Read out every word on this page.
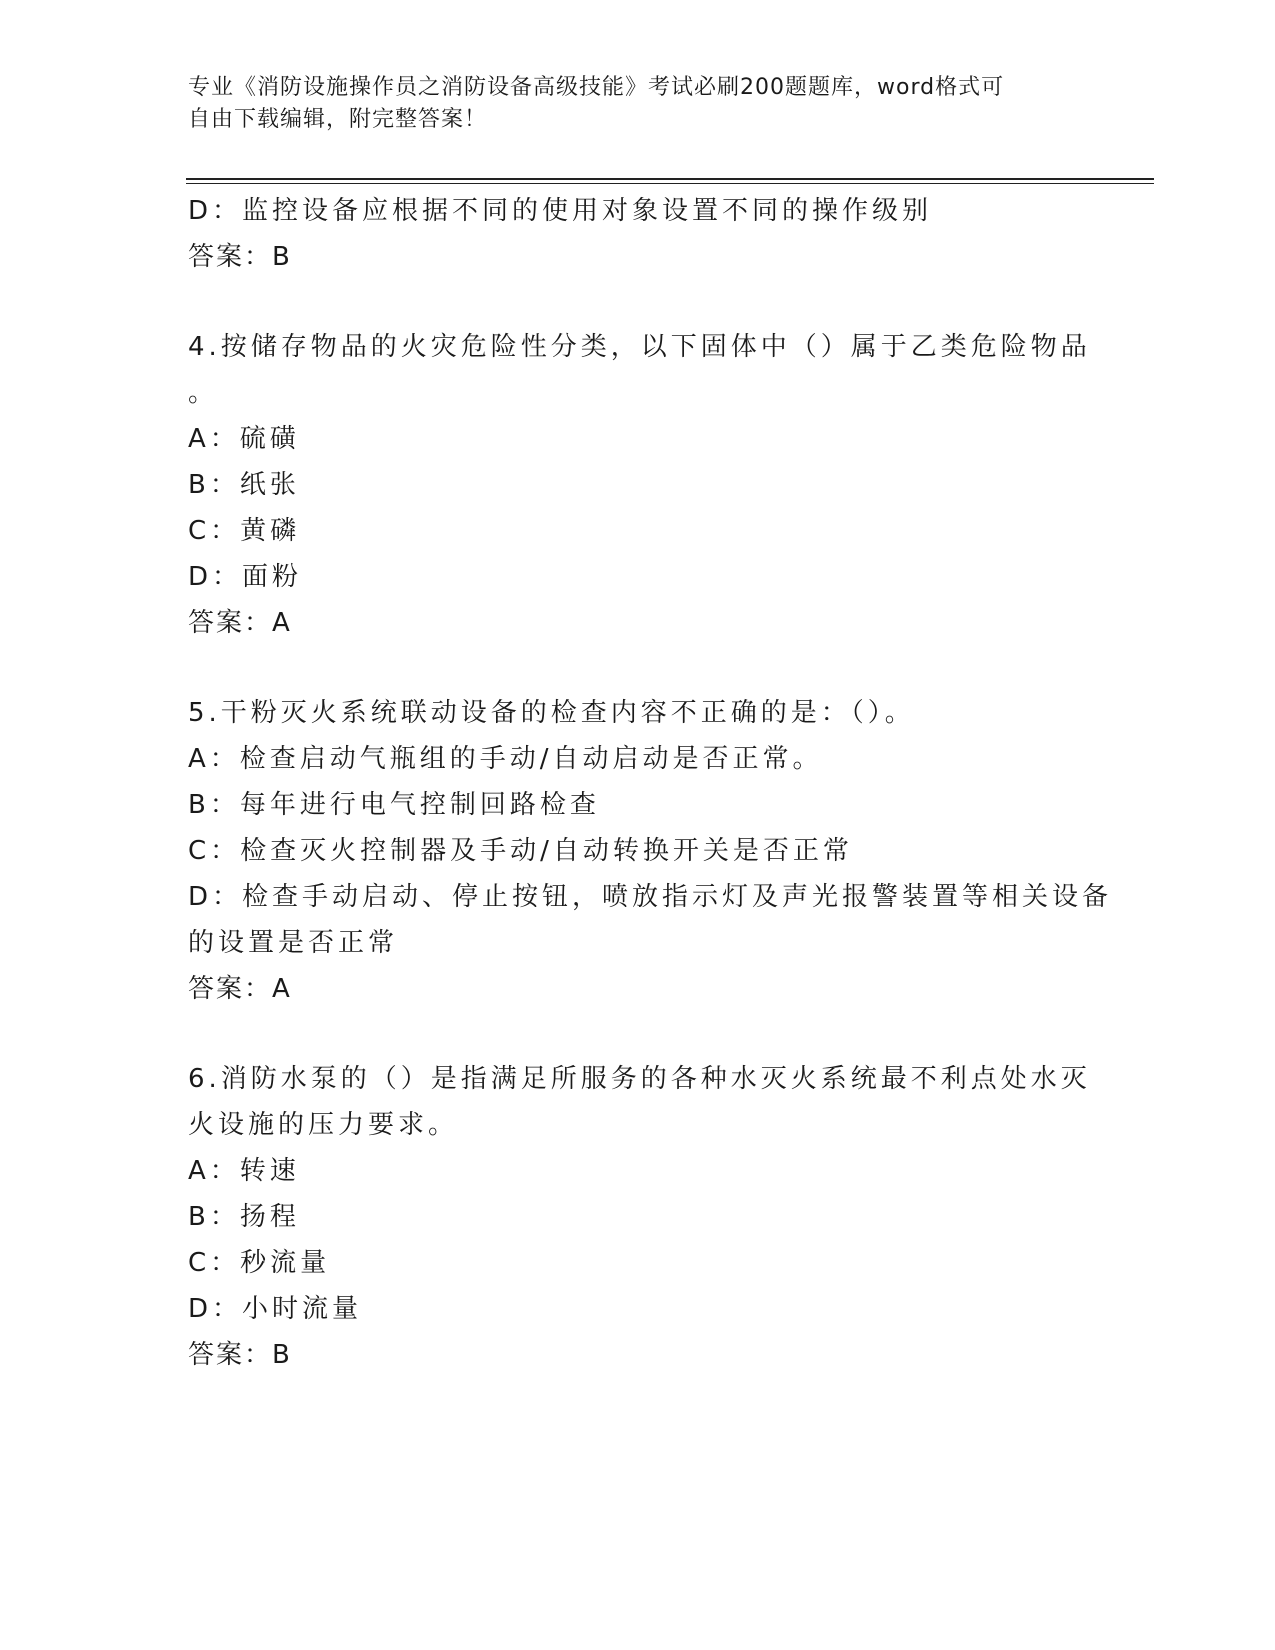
专业《消防设施操作员之消防设备高级技能》考试必刷200题题库，word格式可
自由下载编辑，附完整答案！
D：监控设备应根据不同的使用对象设置不同的操作级别
答案：B
4.按储存物品的火灾危险性分类，以下固体中（）属于乙类危险物品
。
A：硫磺
B：纸张
C：黄磷
D：面粉
答案：A
5.干粉灭火系统联动设备的检查内容不正确的是：（）。
A：检查启动气瓶组的手动/自动启动是否正常。
B：每年进行电气控制回路检查
C：检查灭火控制器及手动/自动转换开关是否正常
D：检查手动启动、停止按钮，喷放指示灯及声光报警装置等相关设备
的设置是否正常
答案：A
6.消防水泵的（）是指满足所服务的各种水灭火系统最不利点处水灭
火设施的压力要求。
A：转速
B：扬程
C：秒流量
D：小时流量
答案：B
